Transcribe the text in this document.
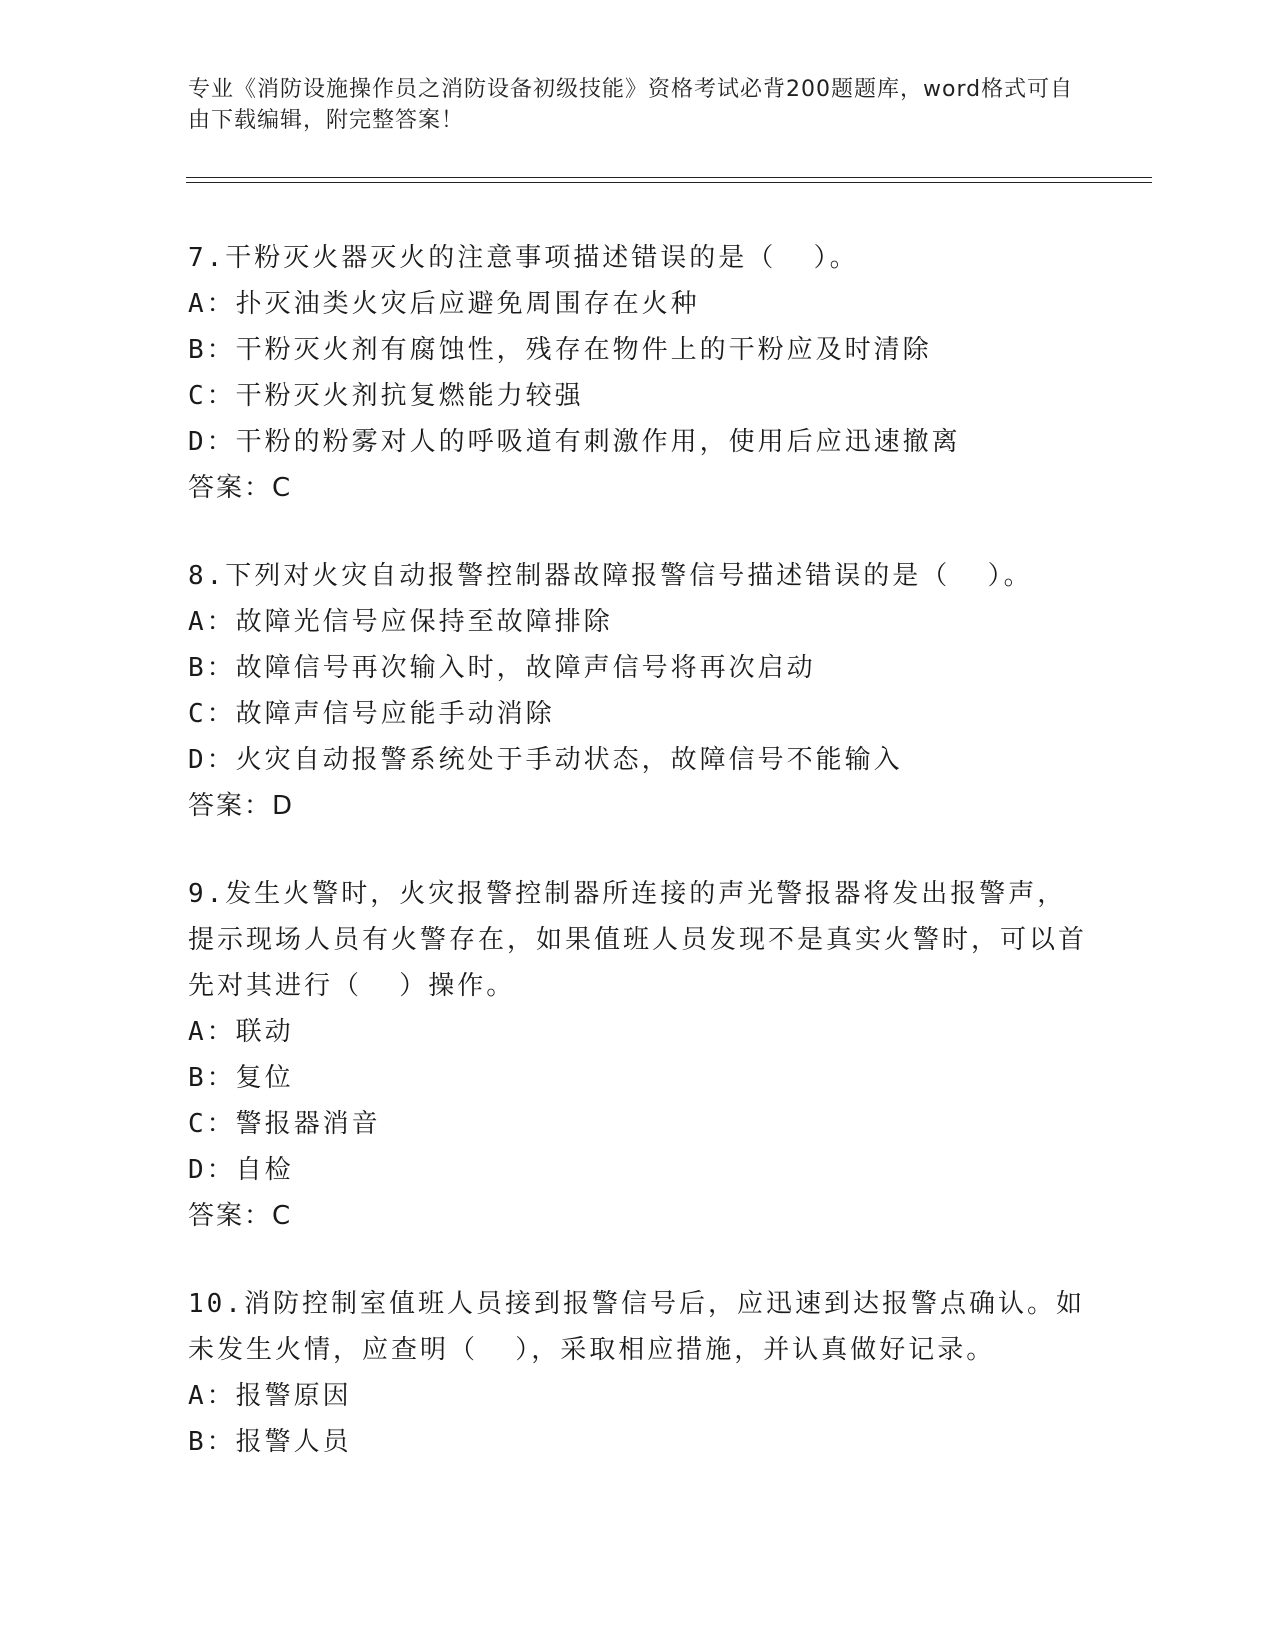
专业《消防设施操作员之消防设备初级技能》资格考试必背200题题库，word格式可自由下载编辑，附完整答案！

7.干粉灭火器灭火的注意事项描述错误的是（  ）。

A：扑灭油类火灾后应避免周围存在火种

B：干粉灭火剂有腐蚀性，残存在物件上的干粉应及时清除

C：干粉灭火剂抗复燃能力较强

D：干粉的粉雾对人的呼吸道有刺激作用，使用后应迅速撤离

答案：C

8.下列对火灾自动报警控制器故障报警信号描述错误的是（  ）。

A：故障光信号应保持至故障排除

B：故障信号再次输入时，故障声信号将再次启动

C：故障声信号应能手动消除

D：火灾自动报警系统处于手动状态，故障信号不能输入

答案：D

9.发生火警时，火灾报警控制器所连接的声光警报器将发出报警声，提示现场人员有火警存在，如果值班人员发现不是真实火警时，可以首先对其进行（  ）操作。

A：联动

B：复位

C：警报器消音

D：自检

答案：C

10.消防控制室值班人员接到报警信号后，应迅速到达报警点确认。如未发生火情，应查明（  ），采取相应措施，并认真做好记录。

A：报警原因

B：报警人员
